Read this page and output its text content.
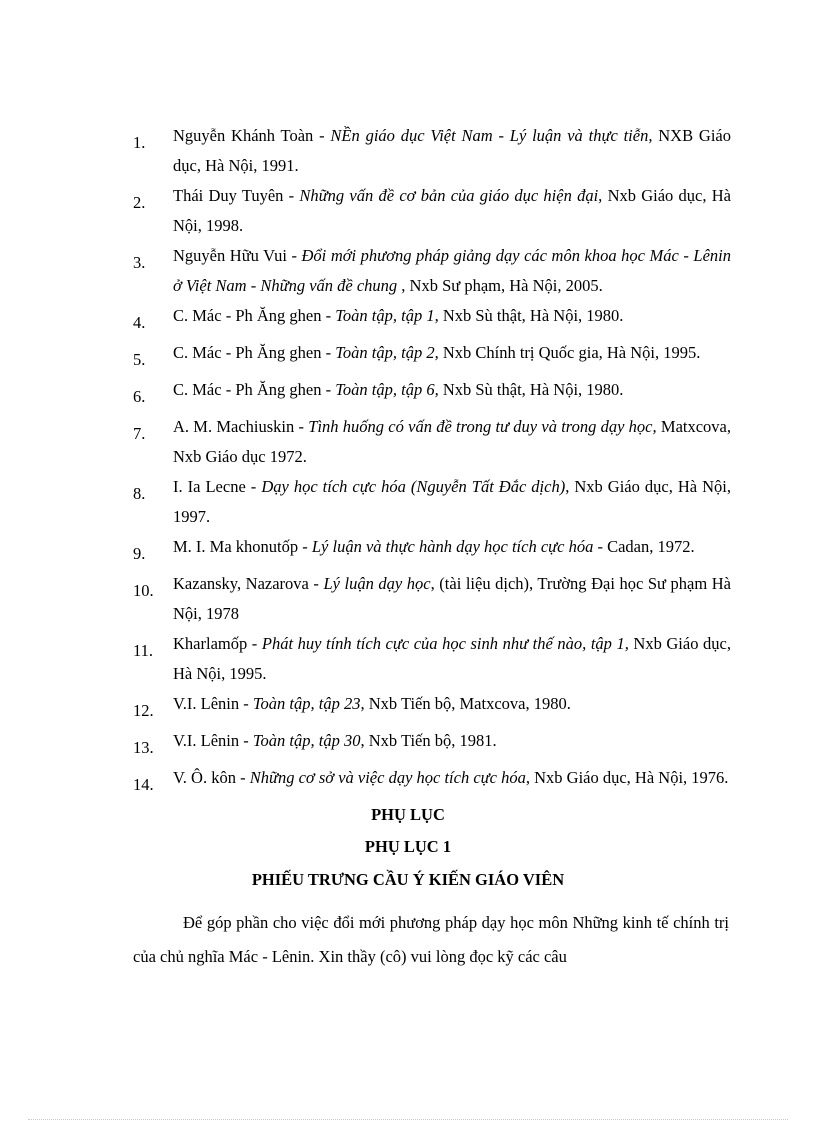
1.	Nguyễn Khánh Toàn - NỀn giáo dục Việt Nam - Lý luận và thực tiễn, NXB Giáo dục, Hà Nội, 1991.
2.	Thái Duy Tuyên - Những vấn đề cơ bản của giáo dục hiện đại, Nxb Giáo dục, Hà Nội, 1998.
3.	Nguyễn Hữu Vui - Đổi mới phương pháp giảng dạy các môn khoa học Mác - Lênin ở Việt Nam - Những vấn đề chung , Nxb Sư phạm, Hà Nội, 2005.
4.	C. Mác - Ph Ăng ghen - Toàn tập, tập 1, Nxb Sù thật, Hà Nội, 1980.
5.	C. Mác - Ph Ăng ghen - Toàn tập, tập 2, Nxb Chính trị Quốc gia, Hà Nội, 1995.
6.	C. Mác - Ph Ăng ghen - Toàn tập, tập 6, Nxb Sù thật, Hà Nội, 1980.
7.	A. M. Machiuskin - Tình huống có vấn đề trong tư duy và trong dạy học, Matxcova, Nxb Giáo dục 1972.
8.	I. Ia Lecne - Dạy học tích cực hóa (Nguyễn Tất Đắc dịch), Nxb Giáo dục, Hà Nội, 1997.
9.	M. I. Ma khonutốp - Lý luận và thực hành dạy học tích cực hóa - Cadan, 1972.
10.	Kazansky, Nazarova - Lý luận dạy học, (tài liệu dịch), Trường Đại học Sư phạm Hà Nội, 1978
11.	Kharlamốp - Phát huy tính tích cực của học sinh như thế nào, tập 1, Nxb Giáo dục, Hà Nội, 1995.
12.	V.I. Lênin - Toàn tập, tập 23, Nxb Tiến bộ, Matxcova, 1980.
13.	V.I. Lênin - Toàn tập, tập 30, Nxb Tiến bộ, 1981.
14.	V. Ô. kôn - Những cơ sở và việc dạy học tích cực hóa, Nxb Giáo dục, Hà Nội, 1976.
PHỤ LỤC
PHỤ LỤC 1
PHIẾU TRƯNG CẦU Ý KIẾN GIÁO VIÊN
Để góp phần cho việc đổi mới phương pháp dạy học môn Những kinh tế chính trị của chủ nghĩa Mác - Lênin. Xin thầy (cô) vui lòng đọc kỹ các câu
